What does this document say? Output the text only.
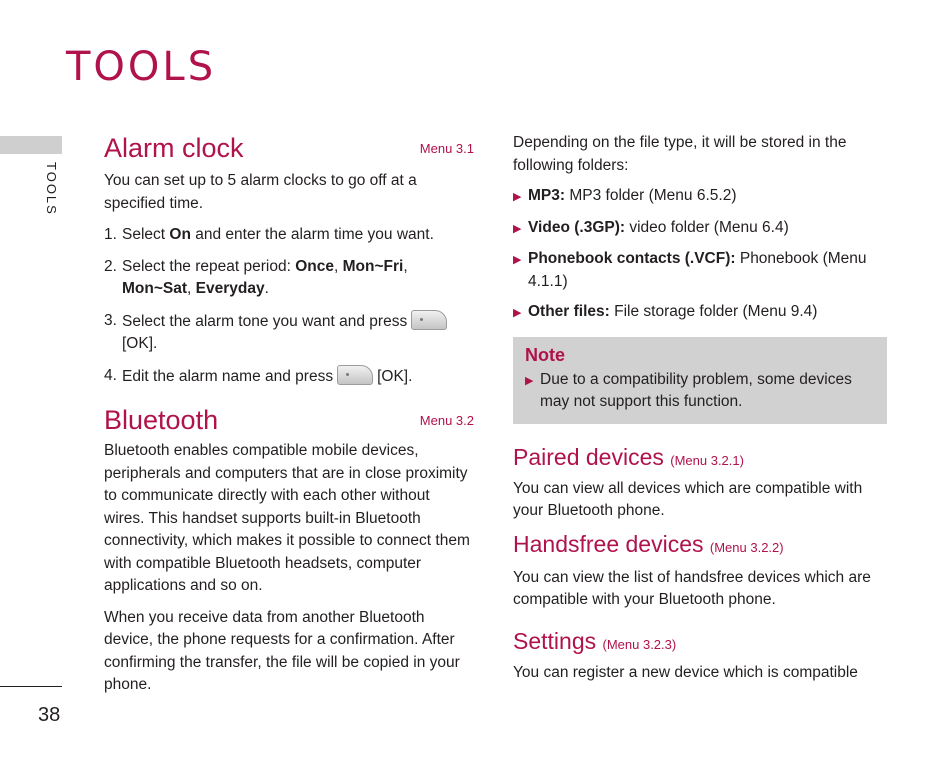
TOOLS
TOOLS
38
Alarm clock	Menu 3.1

You can set up to 5 alarm clocks to go off at a specified time.

1. Select On and enter the alarm time you want.
2. Select the repeat period: Once, Mon~Fri, Mon~Sat, Everyday.
3. Select the alarm tone you want and press
[OK].
4. Edit the alarm name and press	[OK].
Bluetooth	Menu 3.2

Bluetooth enables compatible mobile devices, peripherals and computers that are in close proximity to communicate directly with each other without wires. This handset supports built-in Bluetooth connectivity, which makes it possible to connect them with compatible Bluetooth headsets, computer applications and so on.

When you receive data from another Bluetooth device, the phone requests for a confirmation. After confirming the transfer, the file will be copied in your phone.

Depending on the file type, it will be stored in the following folders:

▶ MP3: MP3 folder (Menu 6.5.2)
▶ Video (.3GP): video folder (Menu 6.4)
▶ Phonebook contacts (.VCF): Phonebook (Menu 4.1.1)
▶ Other files: File storage folder (Menu 9.4)
Note
▶ Due to a compatibility problem, some devices may not support this function.
Paired devices (Menu 3.2.1)

You can view all devices which are compatible with your Bluetooth phone.

Handsfree devices (Menu 3.2.2)

You can view the list of handsfree devices which are compatible with your Bluetooth phone.

Settings (Menu 3.2.3)

You can register a new device which is compatible
